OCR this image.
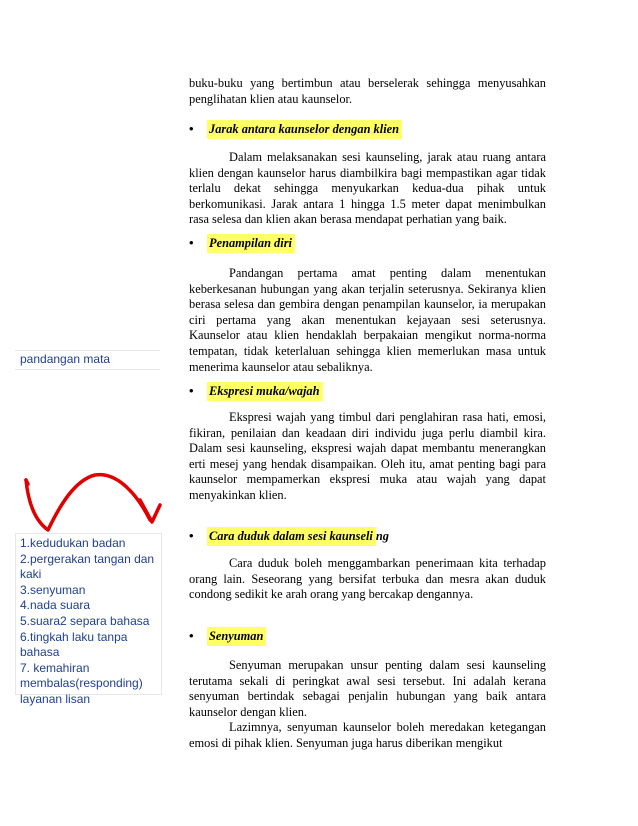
buku-buku yang bertimbun atau berselerak sehingga menyusahkan penglihatan klien atau kaunselor.

•	Jarak antara kaunselor dengan klien

Dalam melaksanakan sesi kaunseling, jarak atau ruang antara klien dengan kaunselor harus diambilkira bagi mempastikan agar tidak terlalu dekat sehingga menyukarkan kedua-dua pihak untuk berkomunikasi. Jarak antara 1 hingga 1.5 meter dapat menimbulkan rasa selesa dan klien akan berasa mendapat perhatian yang baik.

•	Penampilan diri

Pandangan pertama amat penting dalam menentukan keberkesanan hubungan yang akan terjalin seterusnya. Sekiranya klien berasa selesa dan gembira dengan penampilan kaunselor, ia merupakan ciri pertama yang akan menentukan kejayaan sesi seterusnya. Kaunselor atau klien hendaklah berpakaian mengikut norma-norma tempatan, tidak keterlaluan sehingga klien memerlukan masa untuk menerima kaunselor atau sebaliknya.

•	Ekspresi muka/wajah

Ekspresi wajah yang timbul dari penglahiran rasa hati, emosi, fikiran, penilaian dan keadaan diri individu juga perlu diambil kira. Dalam sesi kaunseling, ekspresi wajah dapat membantu menerangkan erti mesej yang hendak disampaikan. Oleh itu, amat penting bagi para kaunselor mempamerkan ekspresi muka atau wajah yang dapat menyakinkan klien.

•	Cara duduk dalam sesi kaunseli ng

Cara duduk boleh menggambarkan penerimaan kita terhadap orang lain. Seseorang yang bersifat terbuka dan mesra akan duduk condong sedikit ke arah orang yang bercakap dengannya.

•	Senyuman

Senyuman merupakan unsur penting dalam sesi kaunseling terutama sekali di peringkat awal sesi tersebut. Ini adalah kerana senyuman bertindak sebagai penjalin hubungan yang baik antara kaunselor dengan klien.

Lazimnya, senyuman kaunselor boleh meredakan ketegangan emosi di pihak klien. Senyuman juga harus diberikan mengikut

pandangan mata
1.kedudukan badan
2.pergerakan tangan dan kaki
3.senyuman
4.nada suara
5.suara2 separa bahasa
6.tingkah laku tanpa bahasa
7. kemahiran membalas(responding) layanan lisan
